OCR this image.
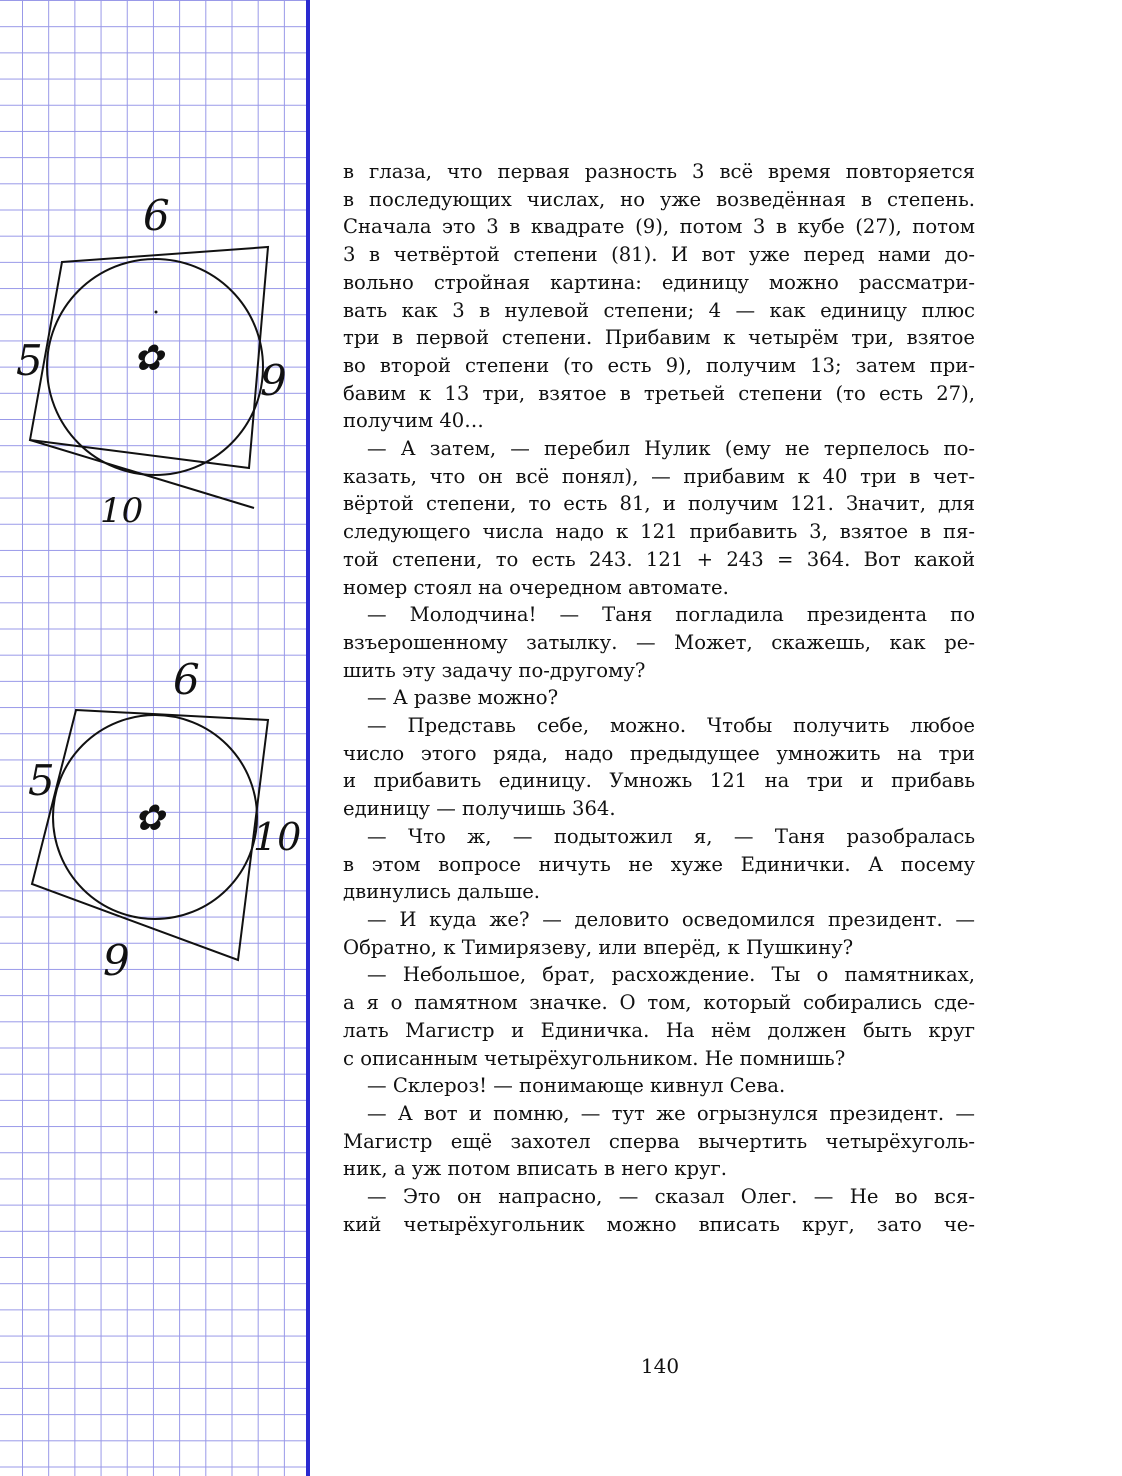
6
5	9
10
✿
6
5
10
9
✿

в глаза, что первая разность 3 всё время повторяется

в последующих числах, но уже возведённая в степень.

Сначала это 3 в квадрате (9), потом 3 в кубе (27), потом

3 в четвёртой степени (81). И вот уже перед нами до-

вольно стройная картина: единицу можно рассматри-

вать как 3 в нулевой степени; 4 — как единицу плюс

три в первой степени. Прибавим к четырём три, взятое

во второй степени (то есть 9), получим 13; затем при-

бавим к 13 три, взятое в третьей степени (то есть 27),

получим 40…

— А затем, — перебил Нулик (ему не терпелось по-

казать, что он всё понял), — прибавим к 40 три в чет-

вёртой степени, то есть 81, и получим 121. Значит, для

следующего числа надо к 121 прибавить 3, взятое в пя-

той степени, то есть 243. 121 + 243 = 364. Вот какой

номер стоял на очередном автомате.

— Молодчина! — Таня погладила президента по

взъерошенному затылку. — Может, скажешь, как ре-

шить эту задачу по-другому?

— А разве можно?

— Представь себе, можно. Чтобы получить любое

число этого ряда, надо предыдущее умножить на три

и прибавить единицу. Умножь 121 на три и прибавь

единицу — получишь 364.

— Что ж, — подытожил я, — Таня разобралась

в этом вопросе ничуть не хуже Единички. А посему

двинулись дальше.

— И куда же? — деловито осведомился президент. —

Обратно, к Тимирязеву, или вперёд, к Пушкину?

— Небольшое, брат, расхождение. Ты о памятниках,

а я о памятном значке. О том, который собирались сде-

лать Магистр и Единичка. На нём должен быть круг

с описанным четырёхугольником. Не помнишь?

— Склероз! — понимающе кивнул Сева.

— А вот и помню, — тут же огрызнулся президент. —

Магистр ещё захотел сперва вычертить четырёхуголь-

ник, а уж потом вписать в него круг.

— Это он напрасно, — сказал Олег. — Не во вся-

кий четырёхугольник можно вписать круг, зато че-

140
